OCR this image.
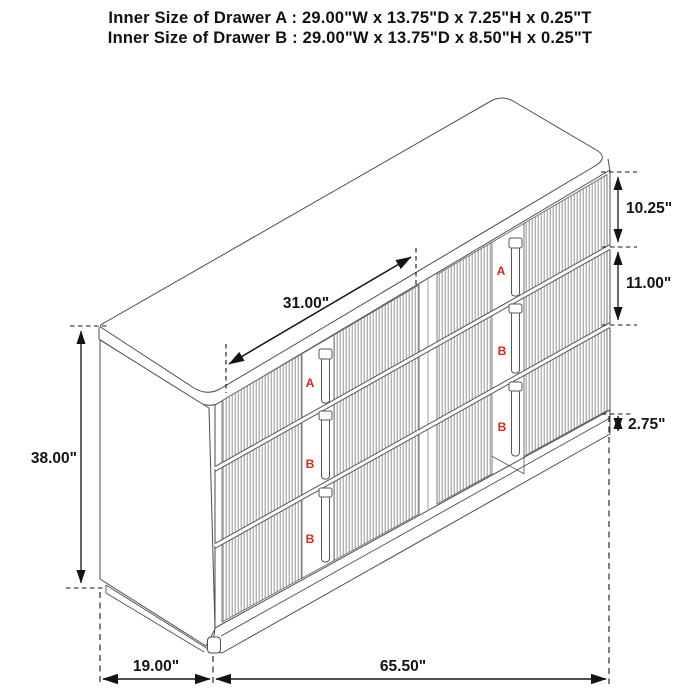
Inner Size of Drawer A : 29.00"W x 13.75"D x 7.25"H x 0.25"T
Inner Size of Drawer B : 29.00"W x 13.75"D x 8.50"H x 0.25"T
A
B
B
A
B
B
38.00"
31.00"
10.25"
11.00"
2.75"
19.00"	65.50"
